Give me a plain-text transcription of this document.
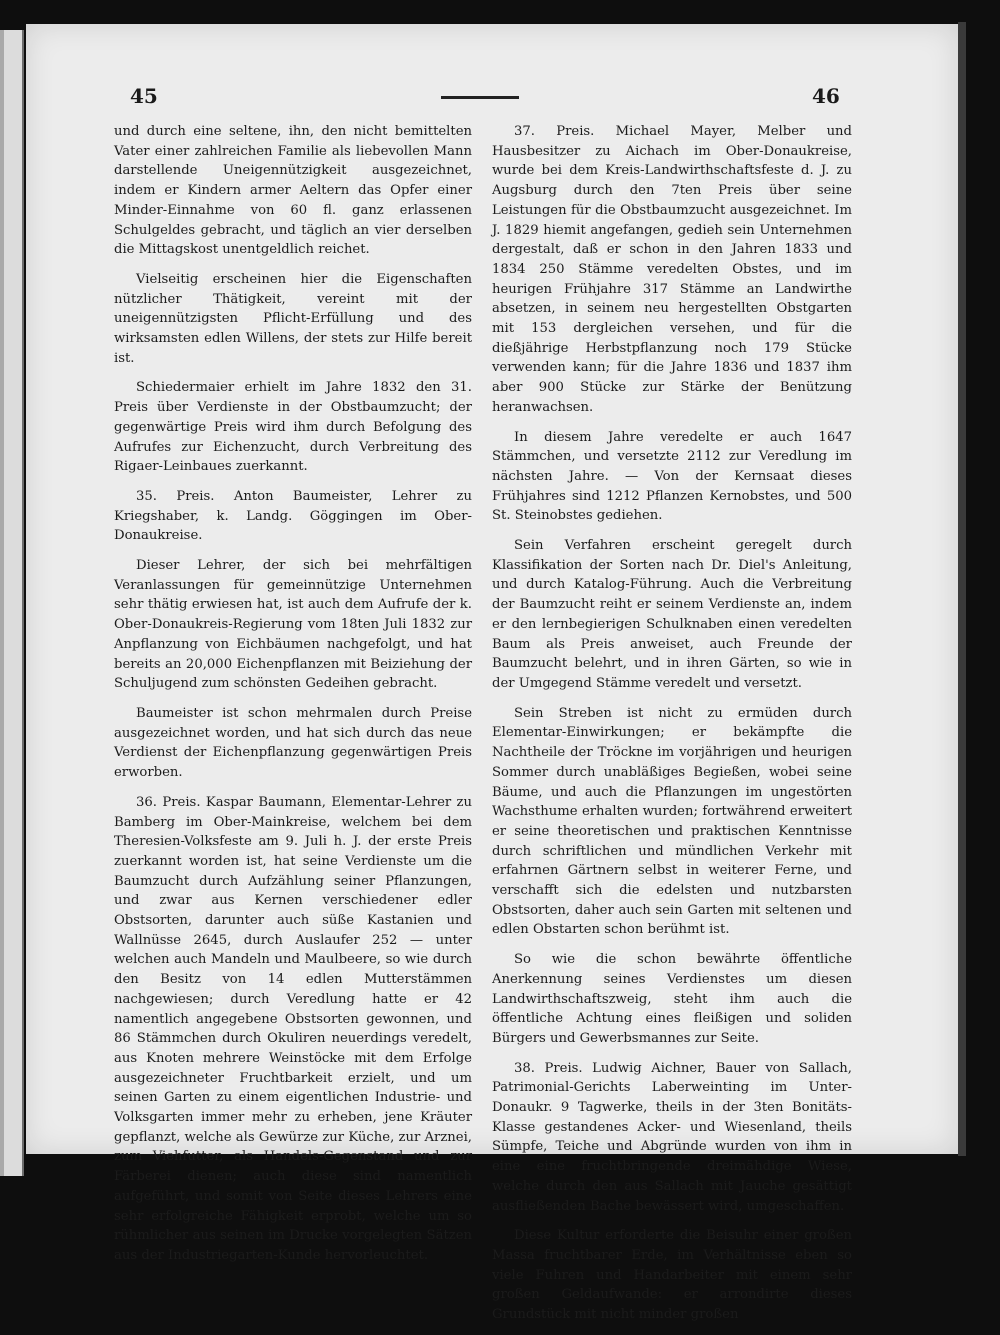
45	46

und durch eine seltene, ihn, den nicht bemittelten Vater einer zahlreichen Familie als liebevollen Mann darstellende Uneigennützigkeit ausgezeichnet, indem er Kindern armer Aeltern das Opfer einer Minder-Einnahme von 60 fl. ganz erlassenen Schulgeldes gebracht, und täglich an vier derselben die Mittagskost unentgeldlich reichet.

Vielseitig erscheinen hier die Eigenschaften nützlicher Thätigkeit, vereint mit der uneigennützigsten Pflicht-Erfüllung und des wirksamsten edlen Willens, der stets zur Hilfe bereit ist.

Schiedermaier erhielt im Jahre 1832 den 31. Preis über Verdienste in der Obstbaumzucht; der gegenwärtige Preis wird ihm durch Befolgung des Aufrufes zur Eichenzucht, durch Verbreitung des Rigaer-Leinbaues zuerkannt.

35. Preis. Anton Baumeister, Lehrer zu Kriegshaber, k. Landg. Göggingen im Ober-Donaukreise.

Dieser Lehrer, der sich bei mehrfältigen Veranlassungen für gemeinnützige Unternehmen sehr thätig erwiesen hat, ist auch dem Aufrufe der k. Ober-Donaukreis-Regierung vom 18ten Juli 1832 zur Anpflanzung von Eichbäumen nachgefolgt, und hat bereits an 20,000 Eichenpflanzen mit Beiziehung der Schuljugend zum schönsten Gedeihen gebracht.

Baumeister ist schon mehrmalen durch Preise ausgezeichnet worden, und hat sich durch das neue Verdienst der Eichenpflanzung gegenwärtigen Preis erworben.

36. Preis. Kaspar Baumann, Elementar-Lehrer zu Bamberg im Ober-Mainkreise, welchem bei dem Theresien-Volksfeste am 9. Juli h. J. der erste Preis zuerkannt worden ist, hat seine Verdienste um die Baumzucht durch Aufzählung seiner Pflanzungen, und zwar aus Kernen verschiedener edler Obstsorten, darunter auch süße Kastanien und Wallnüsse 2645, durch Auslaufer 252 — unter welchen auch Mandeln und Maulbeere, so wie durch den Besitz von 14 edlen Mutterstämmen nachgewiesen; durch Veredlung hatte er 42 namentlich angegebene Obstsorten gewonnen, und 86 Stämmchen durch Okuliren neuerdings veredelt, aus Knoten mehrere Weinstöcke mit dem Erfolge ausgezeichneter Fruchtbarkeit erzielt, und um seinen Garten zu einem eigentlichen Industrie- und Volksgarten immer mehr zu erheben, jene Kräuter gepflanzt, welche als Gewürze zur Küche, zur Arznei, zum Viehfutter, als Handels-Gegenstand und zur Färberei dienen; auch diese sind namentlich aufgeführt, und somit von Seite dieses Lehrers eine sehr erfolgreiche Fähigkeit erprobt, welche um so rühmlicher aus seinen im Drucke vorgelegten Sätzen aus der Industriegarten-Kunde hervorleuchtet.

37. Preis. Michael Mayer, Melber und Hausbesitzer zu Aichach im Ober-Donaukreise, wurde bei dem Kreis-Landwirthschaftsfeste d. J. zu Augsburg durch den 7ten Preis über seine Leistungen für die Obstbaumzucht ausgezeichnet. Im J. 1829 hiemit angefangen, gedieh sein Unternehmen dergestalt, daß er schon in den Jahren 1833 und 1834 250 Stämme veredelten Obstes, und im heurigen Frühjahre 317 Stämme an Landwirthe absetzen, in seinem neu hergestellten Obstgarten mit 153 dergleichen versehen, und für die dießjährige Herbstpflanzung noch 179 Stücke verwenden kann; für die Jahre 1836 und 1837 ihm aber 900 Stücke zur Stärke der Benützung heranwachsen.

In diesem Jahre veredelte er auch 1647 Stämmchen, und versetzte 2112 zur Veredlung im nächsten Jahre. — Von der Kernsaat dieses Frühjahres sind 1212 Pflanzen Kernobstes, und 500 St. Steinobstes gediehen.

Sein Verfahren erscheint geregelt durch Klassifikation der Sorten nach Dr. Diel's Anleitung, und durch Katalog-Führung. Auch die Verbreitung der Baumzucht reiht er seinem Verdienste an, indem er den lernbegierigen Schulknaben einen veredelten Baum als Preis anweiset, auch Freunde der Baumzucht belehrt, und in ihren Gärten, so wie in der Umgegend Stämme veredelt und versetzt.

Sein Streben ist nicht zu ermüden durch Elementar-Einwirkungen; er bekämpfte die Nachtheile der Tröckne im vorjährigen und heurigen Sommer durch unabläßiges Begießen, wobei seine Bäume, und auch die Pflanzungen im ungestörten Wachsthume erhalten wurden; fortwährend erweitert er seine theoretischen und praktischen Kenntnisse durch schriftlichen und mündlichen Verkehr mit erfahrnen Gärtnern selbst in weiterer Ferne, und verschafft sich die edelsten und nutzbarsten Obstsorten, daher auch sein Garten mit seltenen und edlen Obstarten schon berühmt ist.

So wie die schon bewährte öffentliche Anerkennung seines Verdienstes um diesen Landwirthschaftszweig, steht ihm auch die öffentliche Achtung eines fleißigen und soliden Bürgers und Gewerbsmannes zur Seite.

38. Preis. Ludwig Aichner, Bauer von Sallach, Patrimonial-Gerichts Laberweinting im Unter-Donaukr. 9 Tagwerke, theils in der 3ten Bonitäts-Klasse gestandenes Acker- und Wiesenland, theils Sümpfe, Teiche und Abgründe wurden von ihm in eine eine fruchtbringende dreimähdige Wiese, welche durch den aus Sallach mit Jauche gesättigt ausfließenden Bache bewässert wird, umgeschaffen.

Diese Kultur erforderte die Beisuhr einer großen Massa fruchtbarer Erde, im Verhältnisse eben so viele Fuhren und Handarbeiter mit einem sehr großen Geldaufwande: er arrondirte dieses Grundstück mit nicht minder großen
